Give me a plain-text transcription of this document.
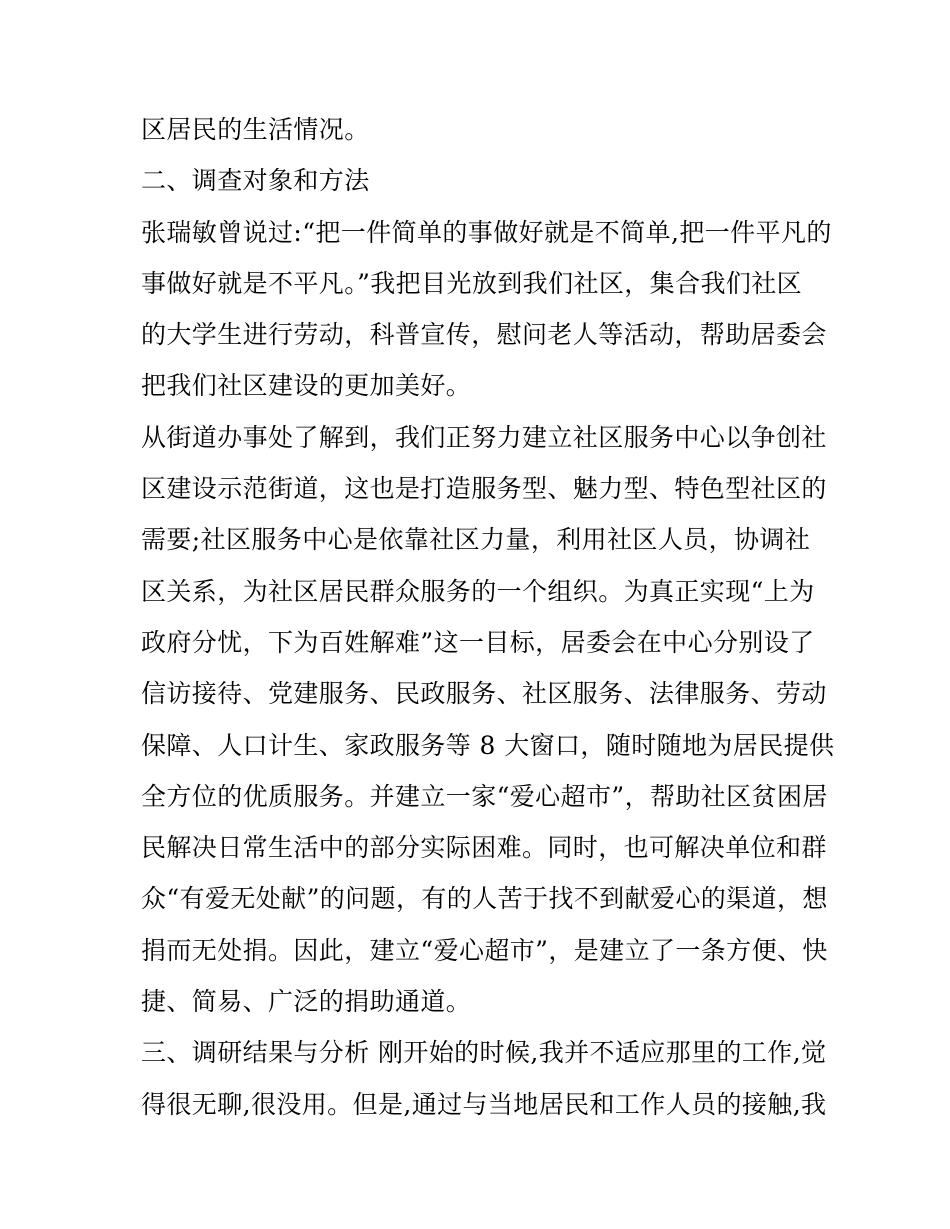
区居民的生活情况。
二、调查对象和方法
张瑞敏曾说过:“把一件简单的事做好就是不简单,把一件平凡的
事做好就是不平凡。”我把目光放到我们社区，集合我们社区
的大学生进行劳动，科普宣传，慰问老人等活动，帮助居委会
把我们社区建设的更加美好。
从街道办事处了解到，我们正努力建立社区服务中心以争创社
区建设示范街道，这也是打造服务型、魅力型、特色型社区的
需要;社区服务中心是依靠社区力量，利用社区人员，协调社
区关系，为社区居民群众服务的一个组织。为真正实现“上为
政府分忧，下为百姓解难”这一目标，居委会在中心分别设了
信访接待、党建服务、民政服务、社区服务、法律服务、劳动
保障、人口计生、家政服务等 8 大窗口，随时随地为居民提供
全方位的优质服务。并建立一家“爱心超市”，帮助社区贫困居
民解决日常生活中的部分实际困难。同时，也可解决单位和群
众“有爱无处献”的问题，有的人苦于找不到献爱心的渠道，想
捐而无处捐。因此，建立“爱心超市”，是建立了一条方便、快
捷、简易、广泛的捐助通道。
三、调研结果与分析 刚开始的时候,我并不适应那里的工作,觉
得很无聊,很没用。但是,通过与当地居民和工作人员的接触,我
